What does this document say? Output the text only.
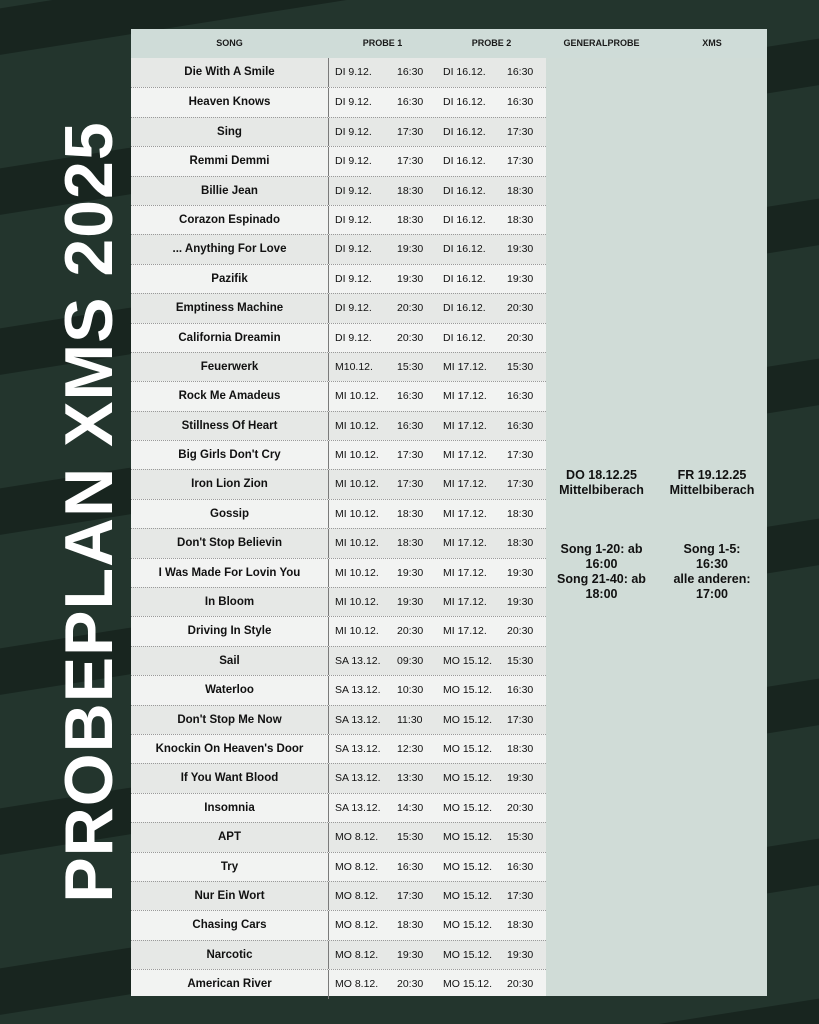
PROBEPLAN XMS 2025
SONG	PROBE 1	PROBE 2	GENERALPROBE	XMS
Die With A Smile	DI 9.12. 16:30 DI 16.12. 16:30
Heaven Knows	DI 9.12. 16:30 DI 16.12. 16:30
Sing	DI 9.12. 17:30 DI 16.12. 17:30
Remmi Demmi	DI 9.12. 17:30 DI 16.12. 17:30
Billie Jean	DI 9.12. 18:30 DI 16.12. 18:30
Corazon Espinado	DI 9.12. 18:30 DI 16.12. 18:30
... Anything For Love	DI 9.12. 19:30 DI 16.12. 19:30
Pazifik	DI 9.12. 19:30 DI 16.12. 19:30
Emptiness Machine	DI 9.12. 20:30 DI 16.12. 20:30
California Dreamin	DI 9.12. 20:30 DI 16.12. 20:30
Feuerwerk	M10.12. 15:30 MI 17.12. 15:30
Rock Me Amadeus	MI 10.12. 16:30 MI 17.12. 16:30
Stillness Of Heart	MI 10.12. 16:30 MI 17.12. 16:30
Big Girls Don't Cry	MI 10.12. 17:30 MI 17.12. 17:30
Iron Lion Zion	MI 10.12. 17:30 MI 17.12. 17:30
Gossip	MI 10.12. 18:30 MI 17.12. 18:30
Don't Stop Believin	MI 10.12. 18:30 MI 17.12. 18:30
I Was Made For Lovin You	MI 10.12. 19:30 MI 17.12. 19:30
In Bloom	MI 10.12. 19:30 MI 17.12. 19:30
Driving In Style	MI 10.12. 20:30 MI 17.12. 20:30
Sail	SA 13.12. 09:30 MO 15.12. 15:30
Waterloo	SA 13.12. 10:30 MO 15.12. 16:30
Don't Stop Me Now	SA 13.12. 11:30 MO 15.12. 17:30
Knockin On Heaven's Door	SA 13.12. 12:30 MO 15.12. 18:30
If You Want Blood	SA 13.12. 13:30 MO 15.12. 19:30
Insomnia	SA 13.12. 14:30 MO 15.12. 20:30
APT	MO 8.12. 15:30 MO 15.12. 15:30
Try	MO 8.12. 16:30 MO 15.12. 16:30
Nur Ein Wort	MO 8.12. 17:30 MO 15.12. 17:30
Chasing Cars	MO 8.12. 18:30 MO 15.12. 18:30
Narcotic	MO 8.12. 19:30 MO 15.12. 19:30
American River	MO 8.12. 20:30 MO 15.12. 20:30
DO 18.12.25
Mittelbiberach
Song 1-20: ab
16:00
Song 21-40: ab
18:00
FR 19.12.25
Mittelbiberach
Song 1-5:
16:30
alle anderen:
17:00
